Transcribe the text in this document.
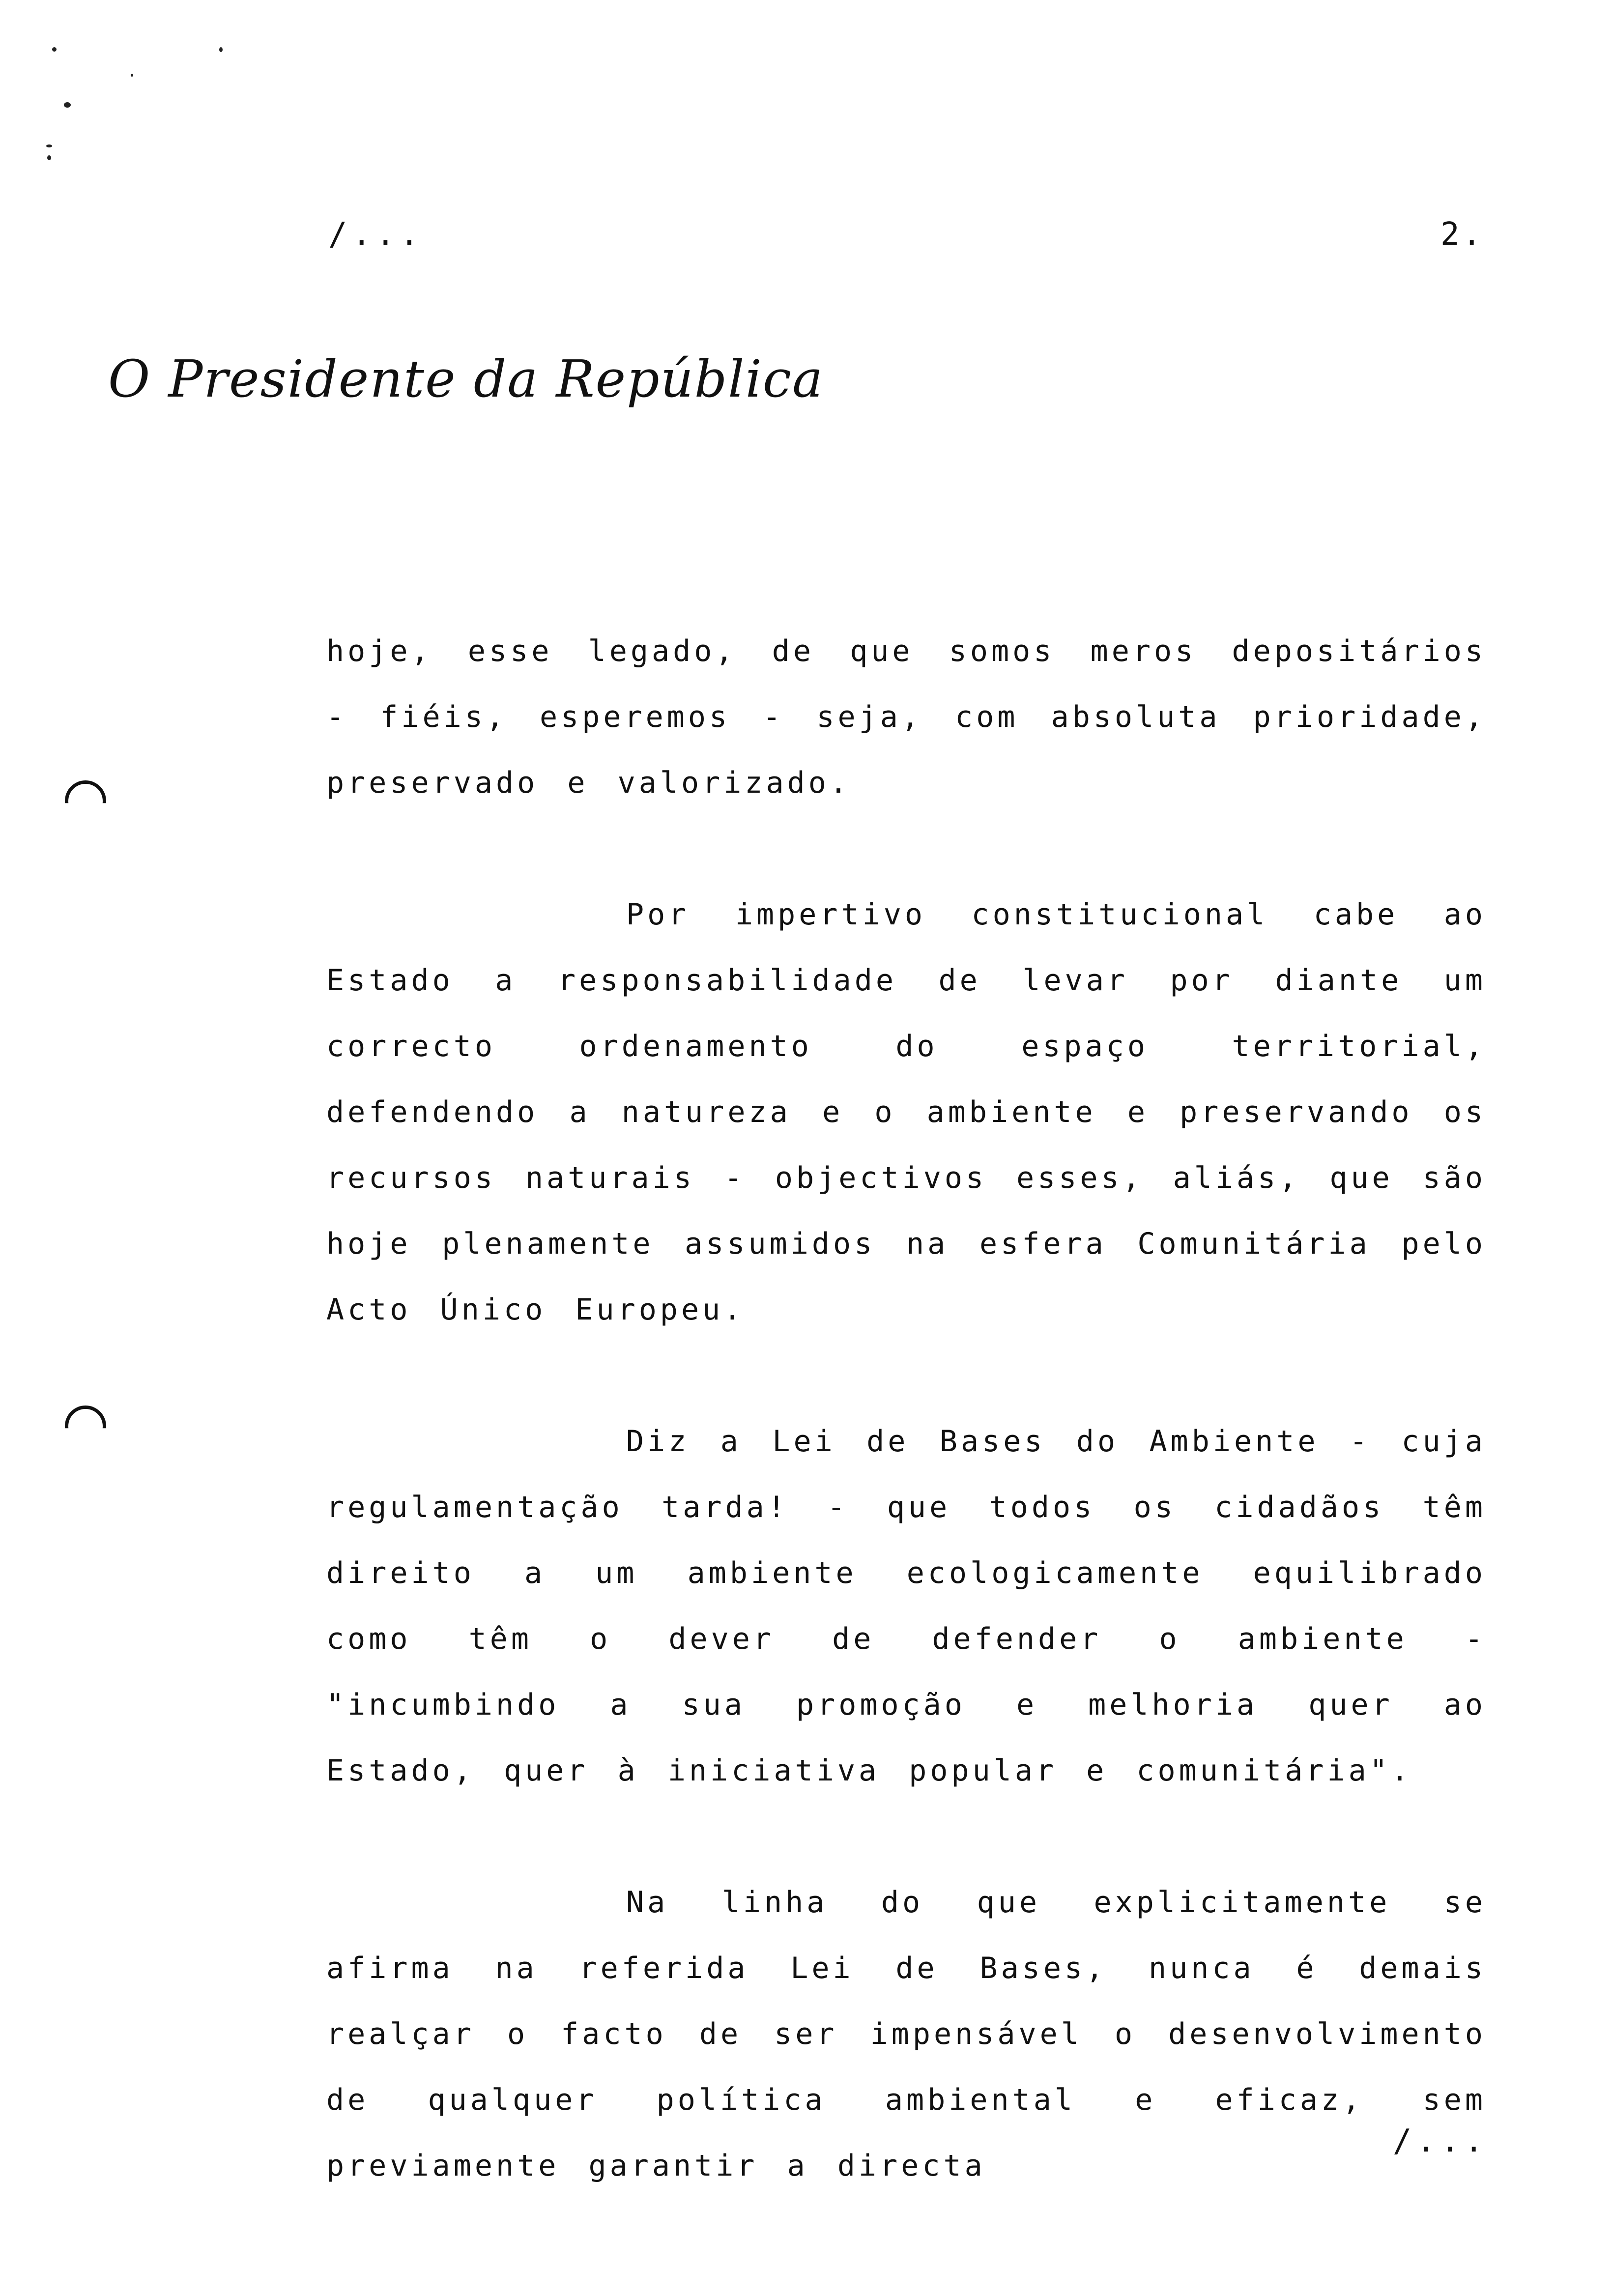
/...	2.
O Presidente da República

hoje, esse legado, de que somos meros depositários - fiéis, esperemos - seja, com absoluta prioridade, preservado e valorizado.

Por impertivo constitucional cabe ao Estado a responsabilidade de levar por diante um correcto ordenamento do espaço territorial, defendendo a natureza e o ambiente e preservando os recursos naturais - objectivos esses, aliás, que são hoje plenamente assumidos na esfera Comunitária pelo Acto Único Europeu.

Diz a Lei de Bases do Ambiente - cuja regulamentação tarda! - que todos os cidadãos têm direito a um ambiente ecologicamente equilibrado como têm o dever de defender o ambiente - "incumbindo a sua promoção e melhoria quer ao Estado, quer à iniciativa popular e comunitária".

Na linha do que explicitamente se afirma na referida Lei de Bases, nunca é demais realçar o facto de ser impensável o desenvolvimento de qualquer política ambiental e eficaz, sem previamente garantir a directa

/...
